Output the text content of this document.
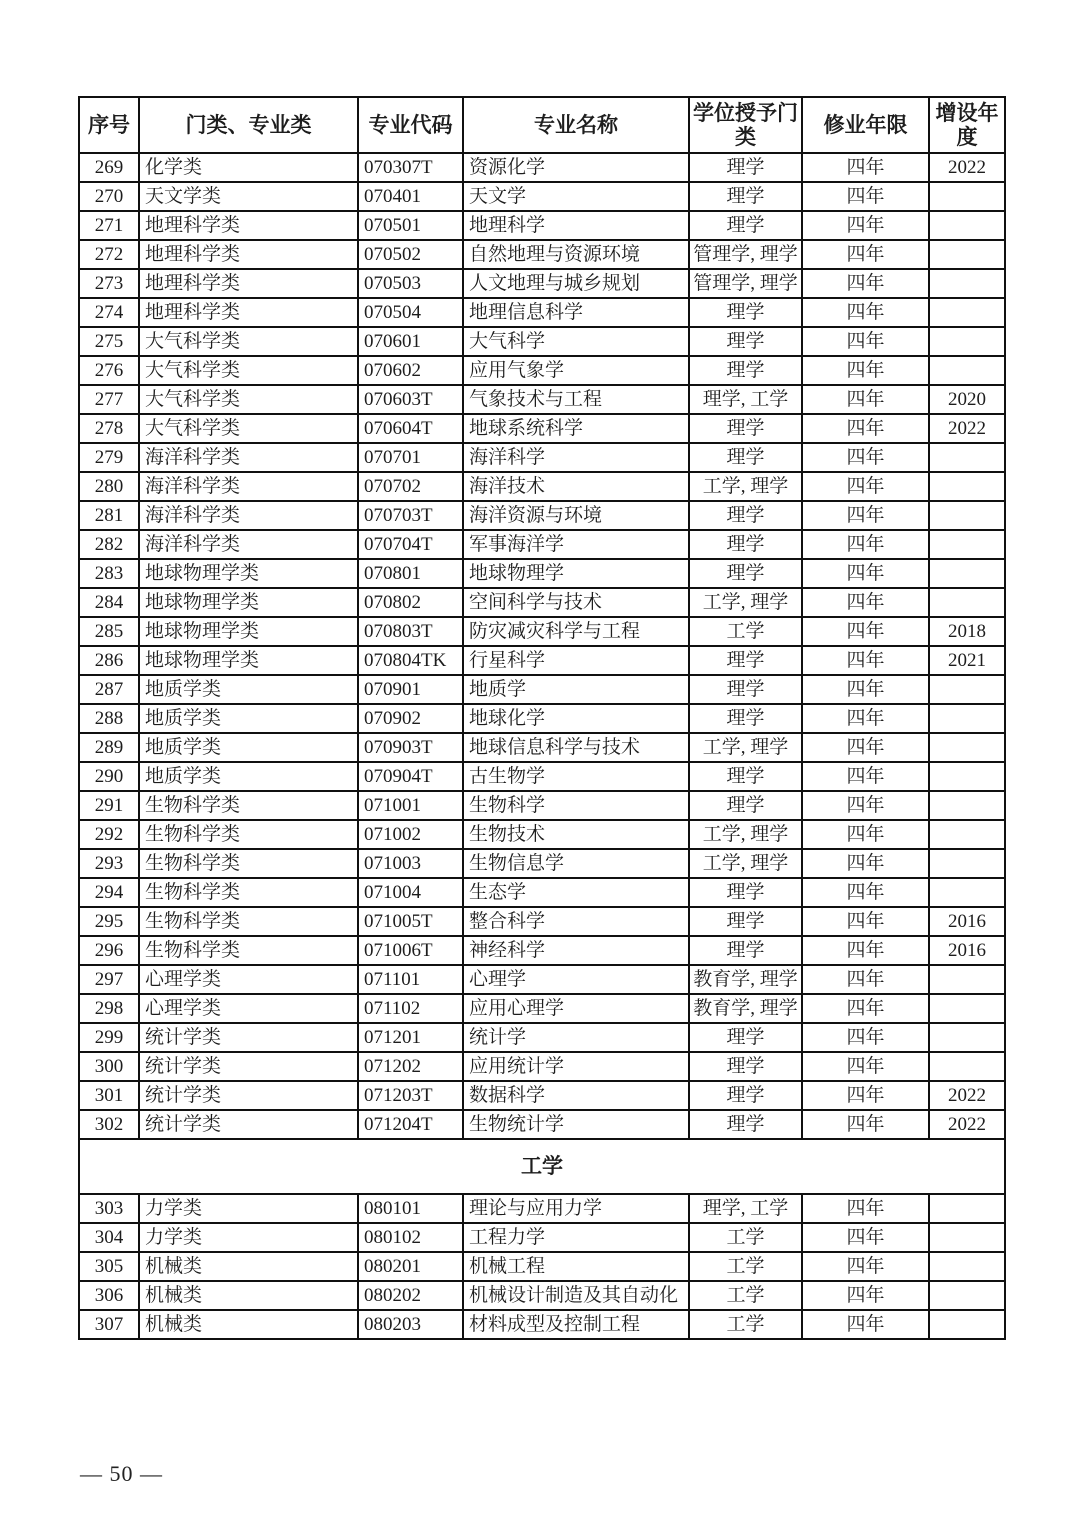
序号	门类、专业类	专业代码	专业名称	学位授予门类	修业年限	增设年度
269	化学类	070307T	资源化学	理学	四年	2022
270	天文学类	070401	天文学	理学	四年	
271	地理科学类	070501	地理科学	理学	四年	
272	地理科学类	070502	自然地理与资源环境	管理学, 理学	四年	
273	地理科学类	070503	人文地理与城乡规划	管理学, 理学	四年	
274	地理科学类	070504	地理信息科学	理学	四年	
275	大气科学类	070601	大气科学	理学	四年	
276	大气科学类	070602	应用气象学	理学	四年	
277	大气科学类	070603T	气象技术与工程	理学, 工学	四年	2020
278	大气科学类	070604T	地球系统科学	理学	四年	2022
279	海洋科学类	070701	海洋科学	理学	四年	
280	海洋科学类	070702	海洋技术	工学, 理学	四年	
281	海洋科学类	070703T	海洋资源与环境	理学	四年	
282	海洋科学类	070704T	军事海洋学	理学	四年	
283	地球物理学类	070801	地球物理学	理学	四年	
284	地球物理学类	070802	空间科学与技术	工学, 理学	四年	
285	地球物理学类	070803T	防灾减灾科学与工程	工学	四年	2018
286	地球物理学类	070804TK	行星科学	理学	四年	2021
287	地质学类	070901	地质学	理学	四年	
288	地质学类	070902	地球化学	理学	四年	
289	地质学类	070903T	地球信息科学与技术	工学, 理学	四年	
290	地质学类	070904T	古生物学	理学	四年	
291	生物科学类	071001	生物科学	理学	四年	
292	生物科学类	071002	生物技术	工学, 理学	四年	
293	生物科学类	071003	生物信息学	工学, 理学	四年	
294	生物科学类	071004	生态学	理学	四年	
295	生物科学类	071005T	整合科学	理学	四年	2016
296	生物科学类	071006T	神经科学	理学	四年	2016
297	心理学类	071101	心理学	教育学, 理学	四年	
298	心理学类	071102	应用心理学	教育学, 理学	四年	
299	统计学类	071201	统计学	理学	四年	
300	统计学类	071202	应用统计学	理学	四年	
301	统计学类	071203T	数据科学	理学	四年	2022
302	统计学类	071204T	生物统计学	理学	四年	2022
工学						
303	力学类	080101	理论与应用力学	理学, 工学	四年	
304	力学类	080102	工程力学	工学	四年	
305	机械类	080201	机械工程	工学	四年	
306	机械类	080202	机械设计制造及其自动化	工学	四年	
307	机械类	080203	材料成型及控制工程	工学	四年	
— 50 —
